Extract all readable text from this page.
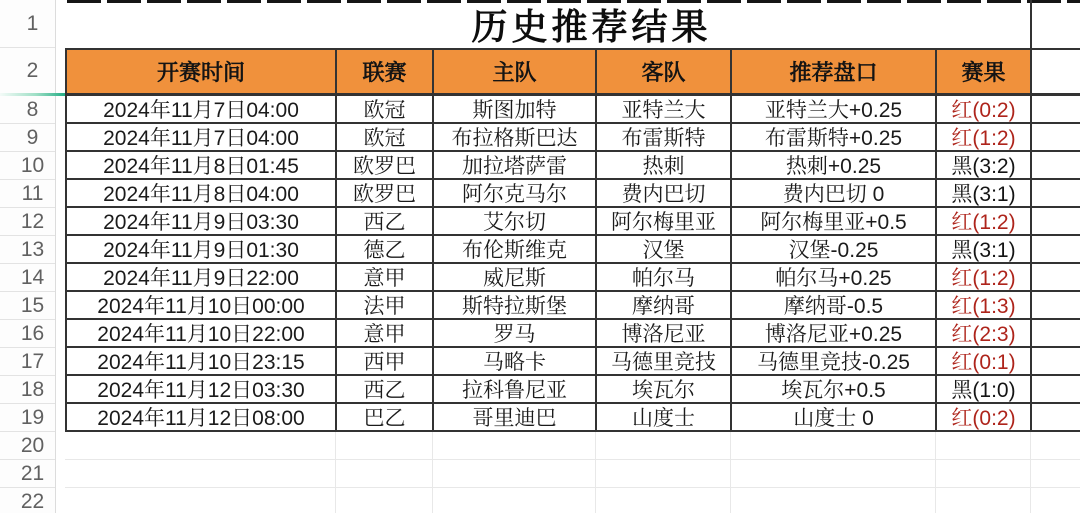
1
2
8
9
10
11
12
13
14
15
16
17
18
19
20
21
22
历史推荐结果
开赛时间	联赛	主队	客队	推荐盘口	赛果
2024年11月7日04:00	欧冠	斯图加特	亚特兰大	亚特兰大+0.25	红(0:2)
2024年11月7日04:00	欧冠	布拉格斯巴达	布雷斯特	布雷斯特+0.25	红(1:2)
2024年11月8日01:45	欧罗巴	加拉塔萨雷	热刺	热刺+0.25	黑(3:2)
2024年11月8日04:00	欧罗巴	阿尔克马尔	费内巴切	费内巴切 0	黑(3:1)
2024年11月9日03:30	西乙	艾尔切	阿尔梅里亚	阿尔梅里亚+0.5	红(1:2)
2024年11月9日01:30	德乙	布伦斯维克	汉堡	汉堡-0.25	黑(3:1)
2024年11月9日22:00	意甲	威尼斯	帕尔马	帕尔马+0.25	红(1:2)
2024年11月10日00:00	法甲	斯特拉斯堡	摩纳哥	摩纳哥-0.5	红(1:3)
2024年11月10日22:00	意甲	罗马	博洛尼亚	博洛尼亚+0.25	红(2:3)
2024年11月10日23:15	西甲	马略卡	马德里竞技	马德里竞技-0.25	红(0:1)
2024年11月12日03:30	西乙	拉科鲁尼亚	埃瓦尔	埃瓦尔+0.5	黑(1:0)
2024年11月12日08:00	巴乙	哥里迪巴	山度士	山度士 0	红(0:2)
